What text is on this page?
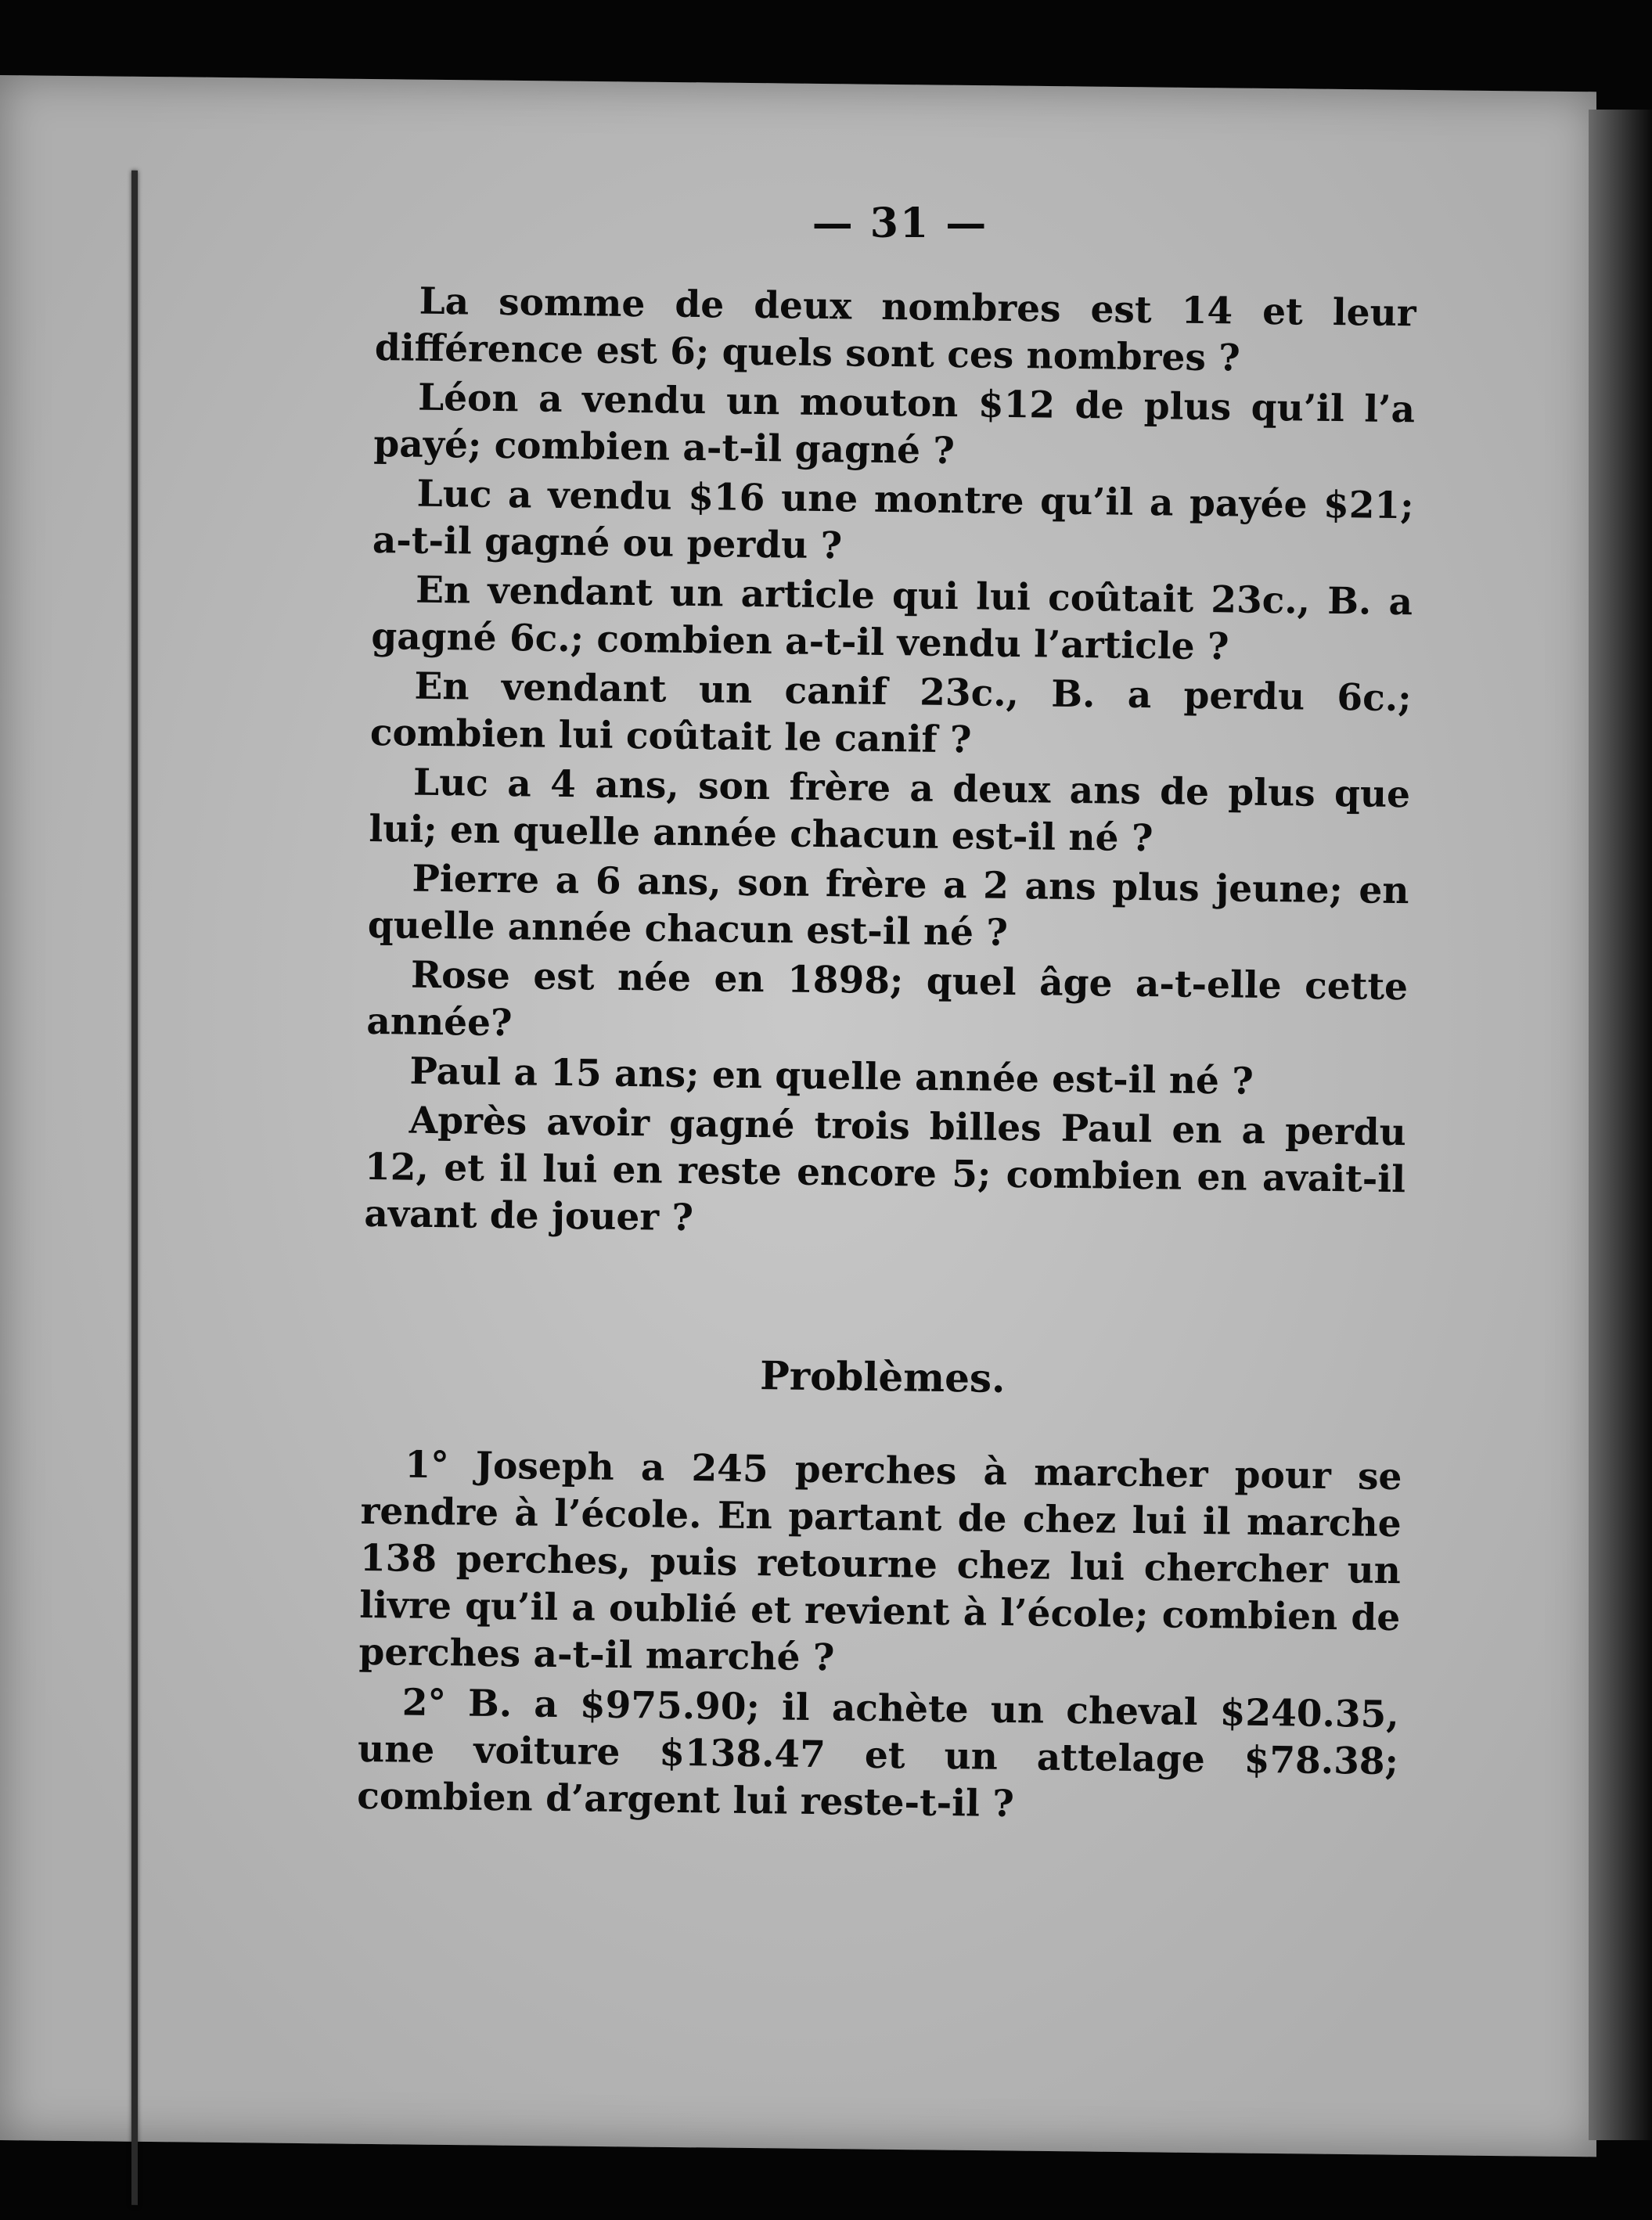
— 31 —

La somme de deux nombres est 14 et leur différence est 6; quels sont ces nombres ?

Léon a vendu un mouton $12 de plus qu’il l’a payé; combien a-t-il gagné ?

Luc a vendu $16 une montre qu’il a payée $21; a-t-il gagné ou perdu ?

En vendant un article qui lui coûtait 23c., B. a gagné 6c.; combien a-t-il vendu l’article ?

En vendant un canif 23c., B. a perdu 6c.; combien lui coûtait le canif ?

Luc a 4 ans, son frère a deux ans de plus que lui; en quelle année chacun est-il né ?

Pierre a 6 ans, son frère a 2 ans plus jeune; en quelle année chacun est-il né ?

Rose est née en 1898; quel âge a-t-elle cette année?

Paul a 15 ans; en quelle année est-il né ?

Après avoir gagné trois billes Paul en a perdu 12, et il lui en reste encore 5; combien en avait-il avant de jouer ?

Problèmes.

1° Joseph a 245 perches à marcher pour se rendre à l’école. En partant de chez lui il marche 138 perches, puis retourne chez lui chercher un livre qu’il a oublié et revient à l’école; combien de perches a-t-il marché ?

2° B. a $975.90; il achète un cheval $240.35, une voiture $138.47 et un attelage $78.38; combien d’argent lui reste-t-il ?
